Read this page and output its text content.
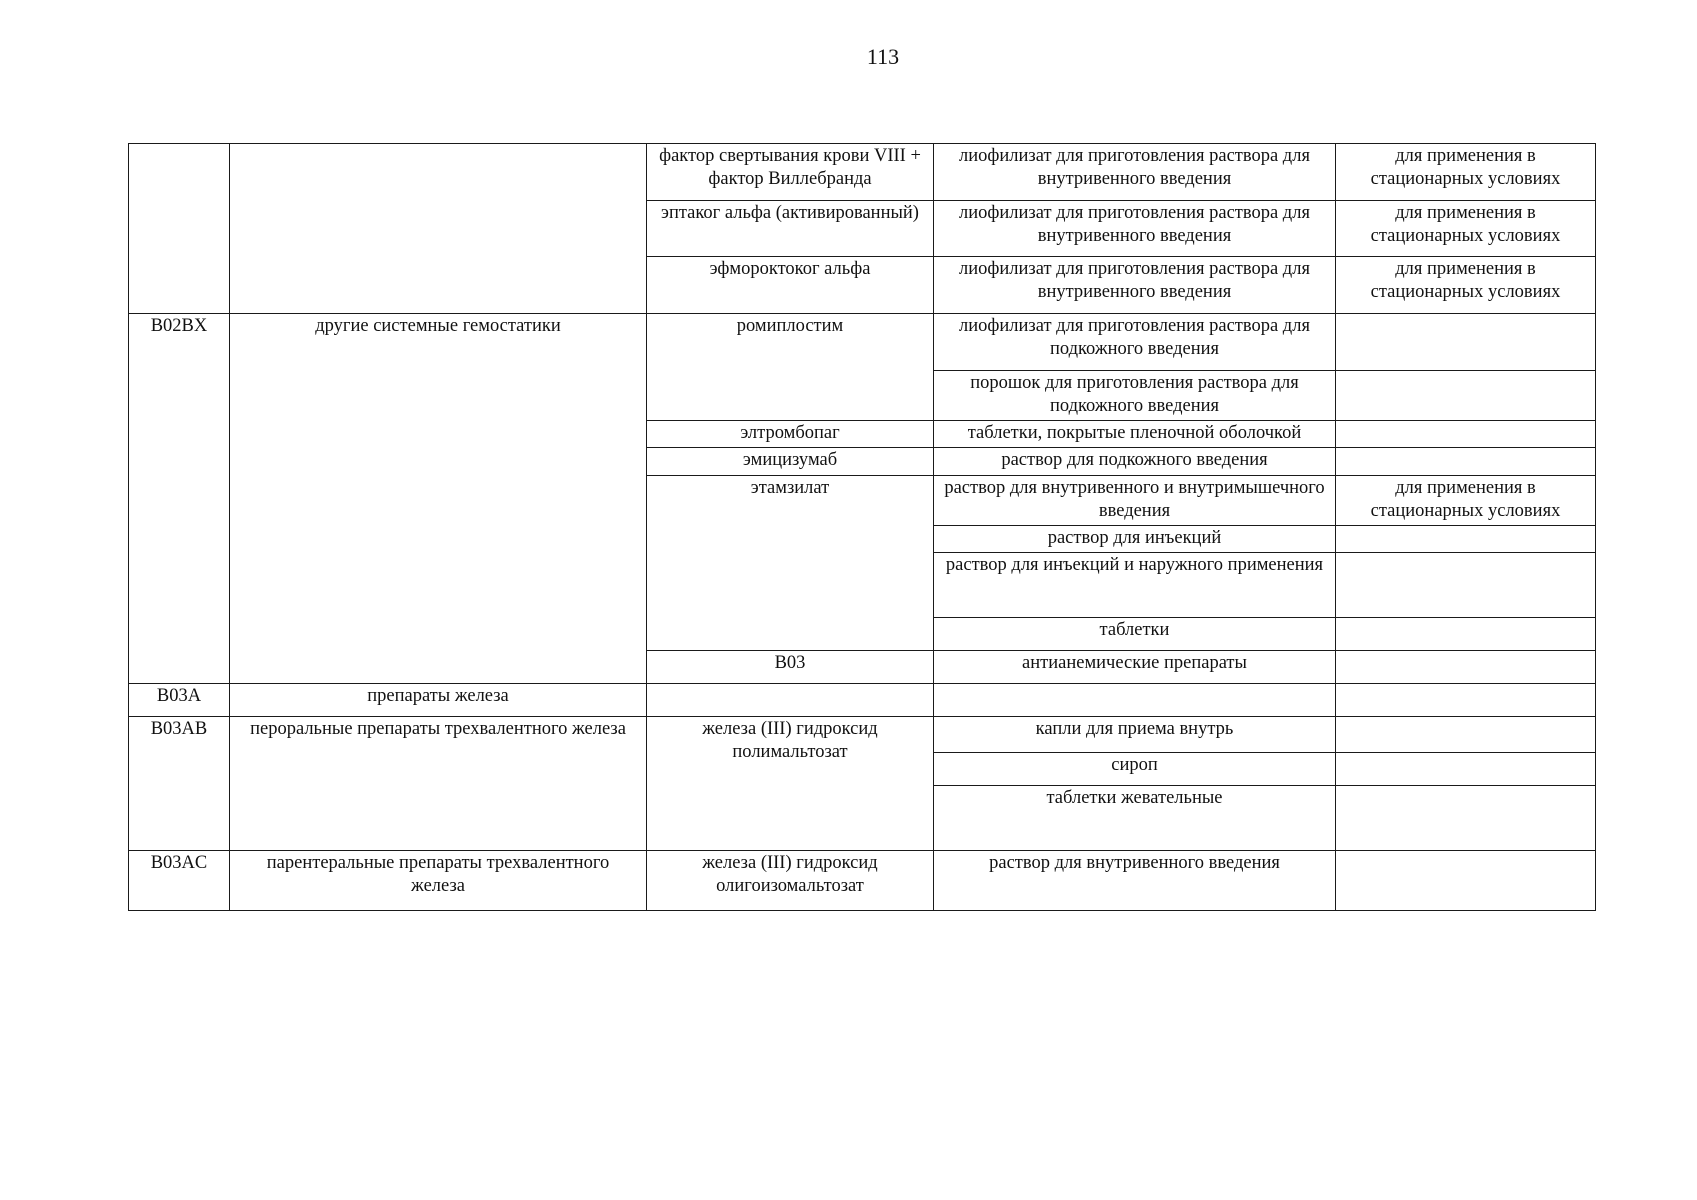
113
		фактор свертывания крови VIII + фактор Виллебранда	лиофилизат для приготовления раствора для внутривенного введения	для применения в стационарных условиях	
		эптаког альфа (активированный)	лиофилизат для приготовления раствора для внутривенного введения	для применения в стационарных условиях	
		эфмороктоког альфа	лиофилизат для приготовления раствора для внутривенного введения	для применения в стационарных условиях	
B02BX	другие системные гемостатики	ромиплостим	лиофилизат для приготовления раствора для подкожного введения		
			порошок для приготовления раствора для подкожного введения		
		элтромбопаг	таблетки, покрытые пленочной оболочкой		
		эмицизумаб	раствор для подкожного введения		
		этамзилат	раствор для внутривенного и внутримышечного введения	для применения в стационарных условиях	
			раствор для инъекций		
			раствор для инъекций и наружного применения		
			таблетки		
		B03	антианемические препараты			
B03A	препараты железа				
B03AB	пероральные препараты трехвалентного железа	железа (III) гидроксид полимальтозат	капли для приема внутрь		
			сироп		
			таблетки жевательные		
B03AC	парентеральные препараты трехвалентного железа	железа (III) гидроксид олигоизомальтозат	раствор для внутривенного введения		
